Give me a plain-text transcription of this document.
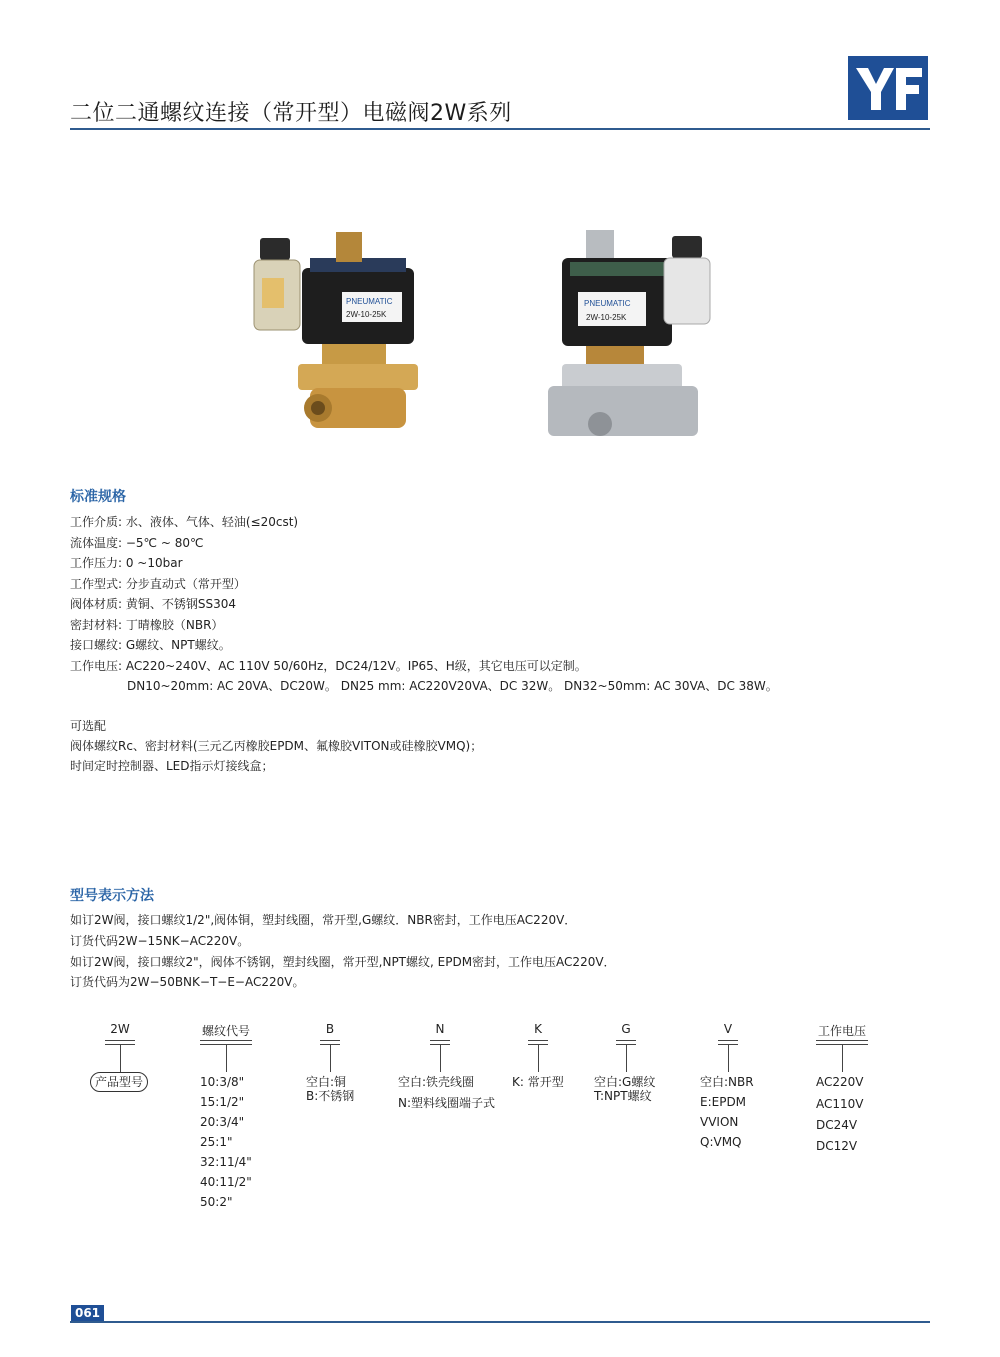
二位二通螺纹连接（常开型）电磁阀2W系列
PNEUMATIC
2W-10-25K
PNEUMATIC
2W-10-25K
标准规格
工作介质: 水、液体、气体、轻油(≤20cst)
流体温度: −5℃ ~ 80℃
工作压力: 0 ~10bar
工作型式: 分步直动式（常开型）
阀体材质: 黄铜、不锈钢SS304
密封材料: 丁晴橡胶（NBR）
接口螺纹: G螺纹、NPT螺纹。
工作电压: AC220~240V、AC 110V 50/60Hz，DC24/12V。IP65、H级，其它电压可以定制。
DN10~20mm: AC 20VA、DC20W。 DN25 mm: AC220V20VA、DC 32W。 DN32~50mm: AC 30VA、DC 38W。
可选配
阀体螺纹Rc、密封材料(三元乙丙橡胶EPDM、氟橡胶VITON或硅橡胶VMQ)；
时间定时控制器、LED指示灯接线盒；
型号表示方法
如订2W阀，接口螺纹1/2",阀体铜，塑封线圈，常开型,G螺纹．NBR密封，工作电压AC220V．
订货代码2W−15NK−AC220V。
如订2W阀，接口螺纹2"，阀体不锈钢，塑封线圈，常开型,NPT螺纹, EPDM密封，工作电压AC220V．
订货代码为2W−50BNK−T−E−AC220V。
2W
产品型号
螺纹代号
10:3/8"
15:1/2"
20:3/4"
25:1"
32:11/4"
40:11/2"
50:2"
B
空白:铜
B:不锈钢
N
空白:铁壳线圈
N:塑料线圈端子式
K
K: 常开型
G
空白:G螺纹
T:NPT螺纹
V
空白:NBR
E:EPDM
VVION
Q:VMQ
工作电压
AC220V
AC110V
DC24V
DC12V
061
